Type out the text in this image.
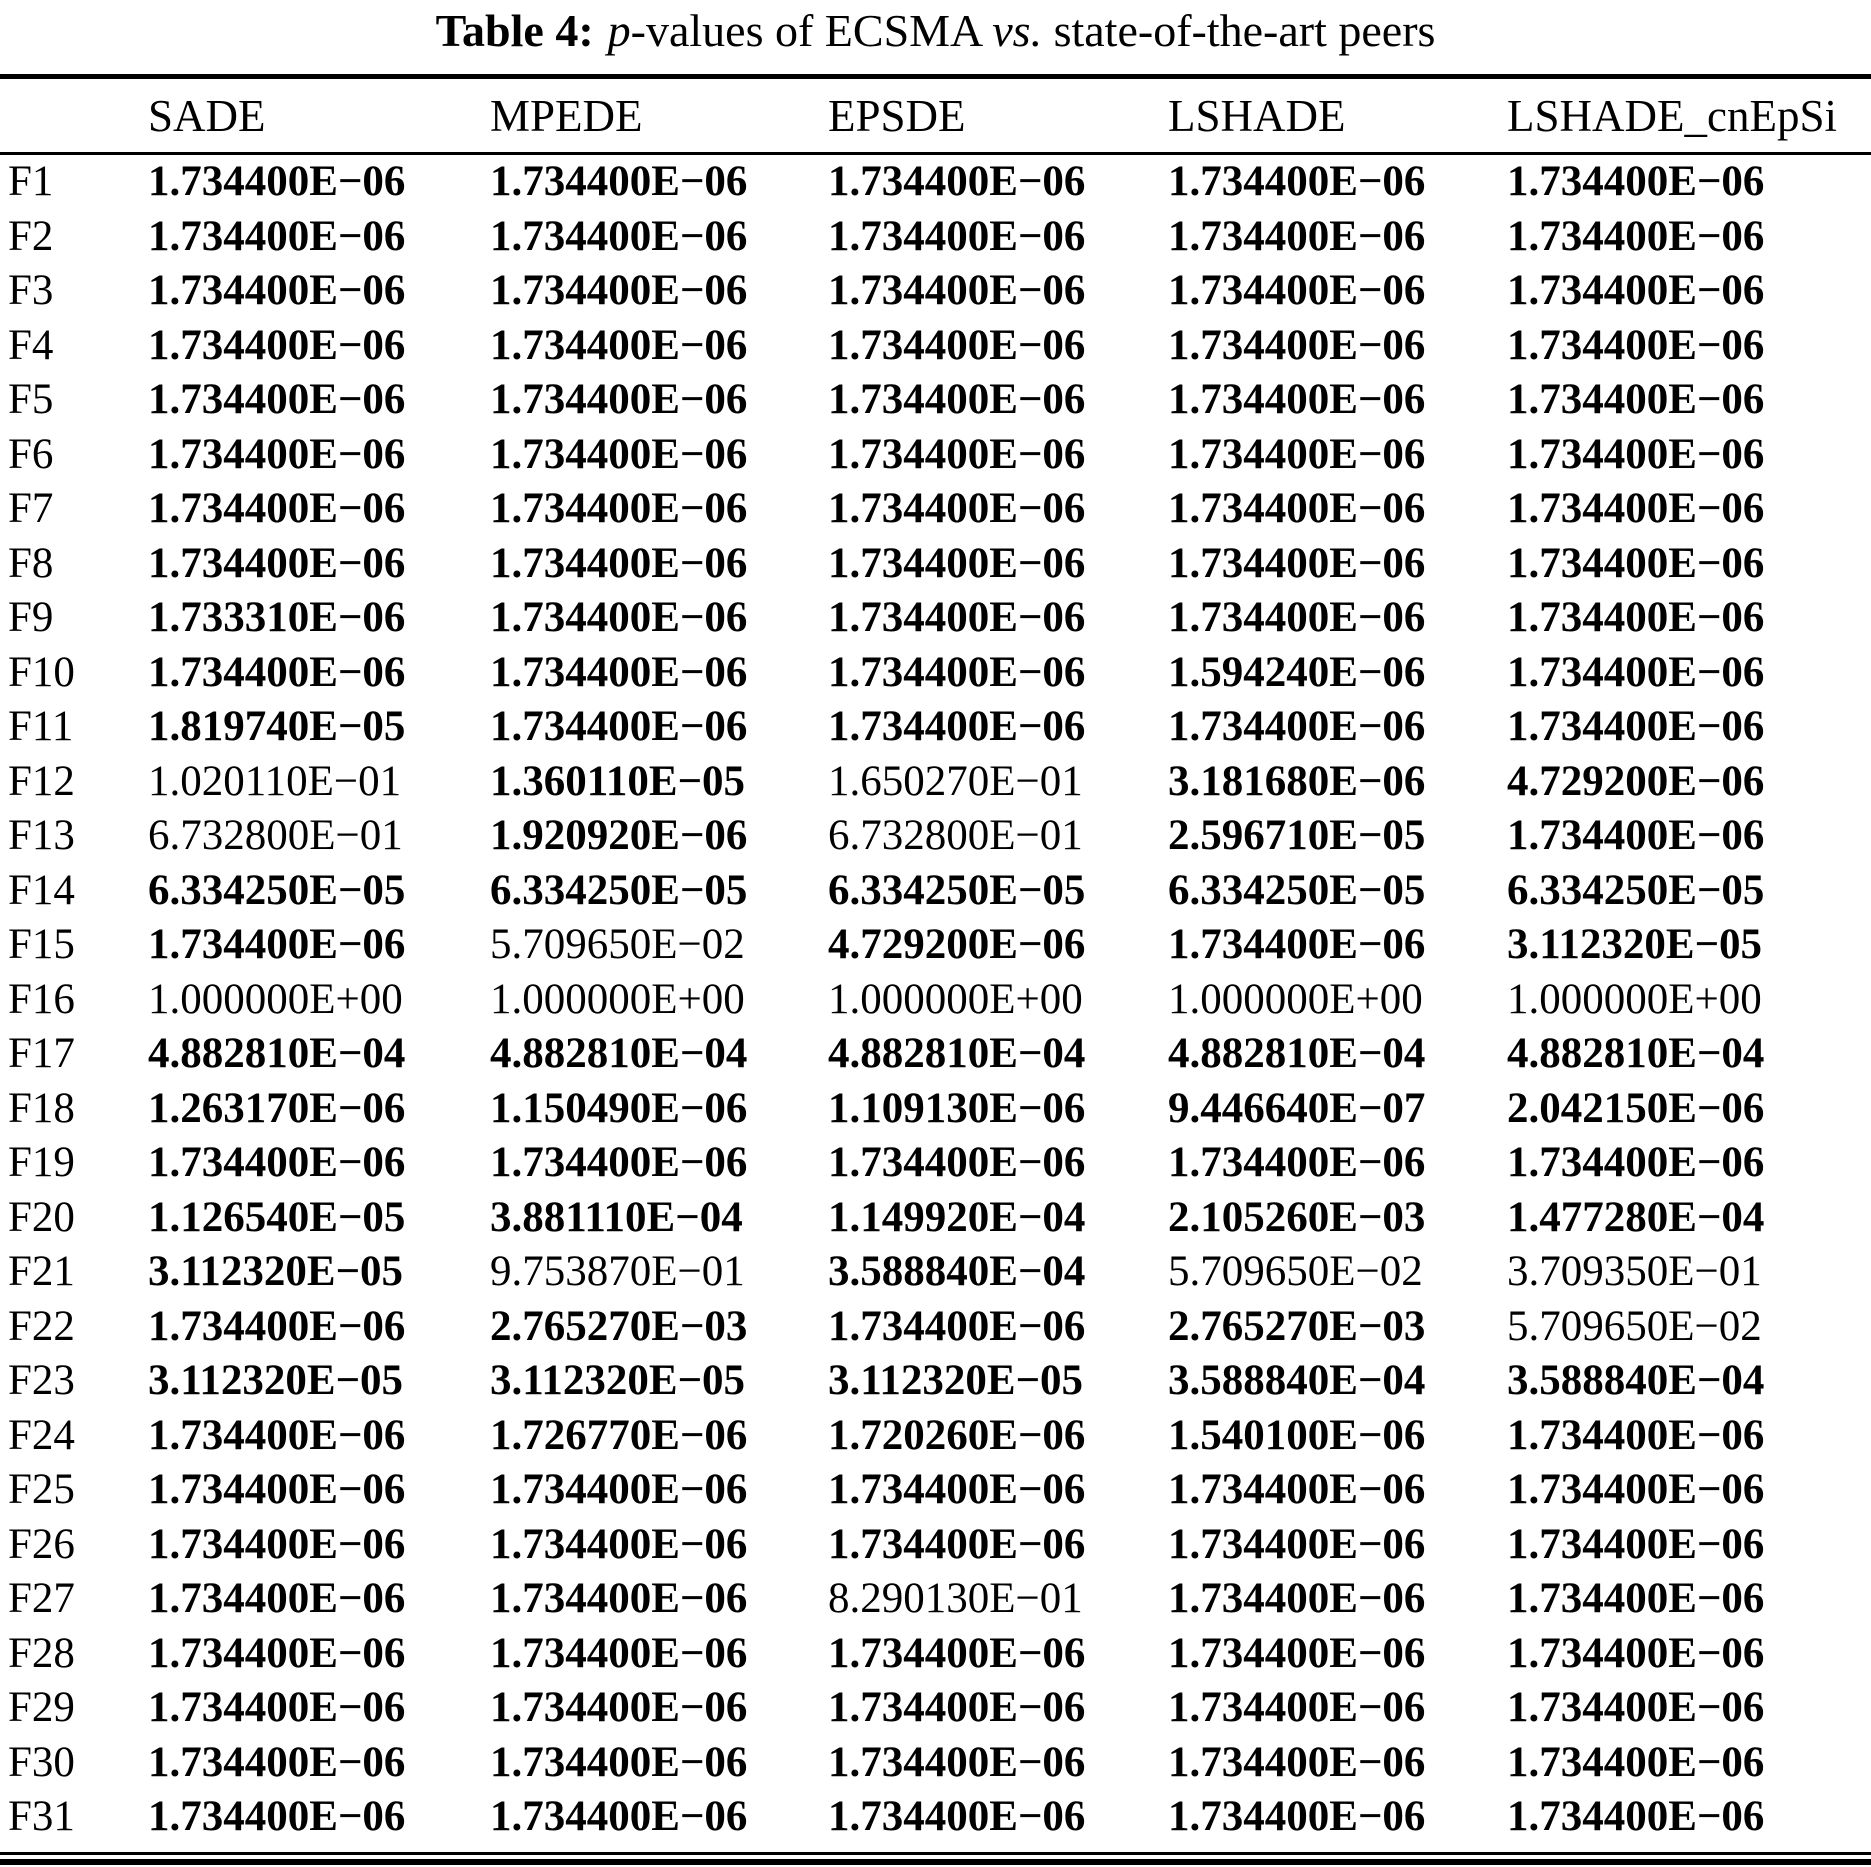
Table 4: p-values of ECSMA vs. state-of-the-art peers
SADE	MPEDE	EPSDE	LSHADE	LSHADE_cnEpSi
F1	1.734400E−06	1.734400E−06	1.734400E−06	1.734400E−06	1.734400E−06
F2	1.734400E−06	1.734400E−06	1.734400E−06	1.734400E−06	1.734400E−06
F3	1.734400E−06	1.734400E−06	1.734400E−06	1.734400E−06	1.734400E−06
F4	1.734400E−06	1.734400E−06	1.734400E−06	1.734400E−06	1.734400E−06
F5	1.734400E−06	1.734400E−06	1.734400E−06	1.734400E−06	1.734400E−06
F6	1.734400E−06	1.734400E−06	1.734400E−06	1.734400E−06	1.734400E−06
F7	1.734400E−06	1.734400E−06	1.734400E−06	1.734400E−06	1.734400E−06
F8	1.734400E−06	1.734400E−06	1.734400E−06	1.734400E−06	1.734400E−06
F9	1.733310E−06	1.734400E−06	1.734400E−06	1.734400E−06	1.734400E−06
F10	1.734400E−06	1.734400E−06	1.734400E−06	1.594240E−06	1.734400E−06
F11	1.819740E−05	1.734400E−06	1.734400E−06	1.734400E−06	1.734400E−06
F12	1.020110E−01	1.360110E−05	1.650270E−01	3.181680E−06	4.729200E−06
F13	6.732800E−01	1.920920E−06	6.732800E−01	2.596710E−05	1.734400E−06
F14	6.334250E−05	6.334250E−05	6.334250E−05	6.334250E−05	6.334250E−05
F15	1.734400E−06	5.709650E−02	4.729200E−06	1.734400E−06	3.112320E−05
F16	1.000000E+00	1.000000E+00	1.000000E+00	1.000000E+00	1.000000E+00
F17	4.882810E−04	4.882810E−04	4.882810E−04	4.882810E−04	4.882810E−04
F18	1.263170E−06	1.150490E−06	1.109130E−06	9.446640E−07	2.042150E−06
F19	1.734400E−06	1.734400E−06	1.734400E−06	1.734400E−06	1.734400E−06
F20	1.126540E−05	3.881110E−04	1.149920E−04	2.105260E−03	1.477280E−04
F21	3.112320E−05	9.753870E−01	3.588840E−04	5.709650E−02	3.709350E−01
F22	1.734400E−06	2.765270E−03	1.734400E−06	2.765270E−03	5.709650E−02
F23	3.112320E−05	3.112320E−05	3.112320E−05	3.588840E−04	3.588840E−04
F24	1.734400E−06	1.726770E−06	1.720260E−06	1.540100E−06	1.734400E−06
F25	1.734400E−06	1.734400E−06	1.734400E−06	1.734400E−06	1.734400E−06
F26	1.734400E−06	1.734400E−06	1.734400E−06	1.734400E−06	1.734400E−06
F27	1.734400E−06	1.734400E−06	8.290130E−01	1.734400E−06	1.734400E−06
F28	1.734400E−06	1.734400E−06	1.734400E−06	1.734400E−06	1.734400E−06
F29	1.734400E−06	1.734400E−06	1.734400E−06	1.734400E−06	1.734400E−06
F30	1.734400E−06	1.734400E−06	1.734400E−06	1.734400E−06	1.734400E−06
F31	1.734400E−06	1.734400E−06	1.734400E−06	1.734400E−06	1.734400E−06
